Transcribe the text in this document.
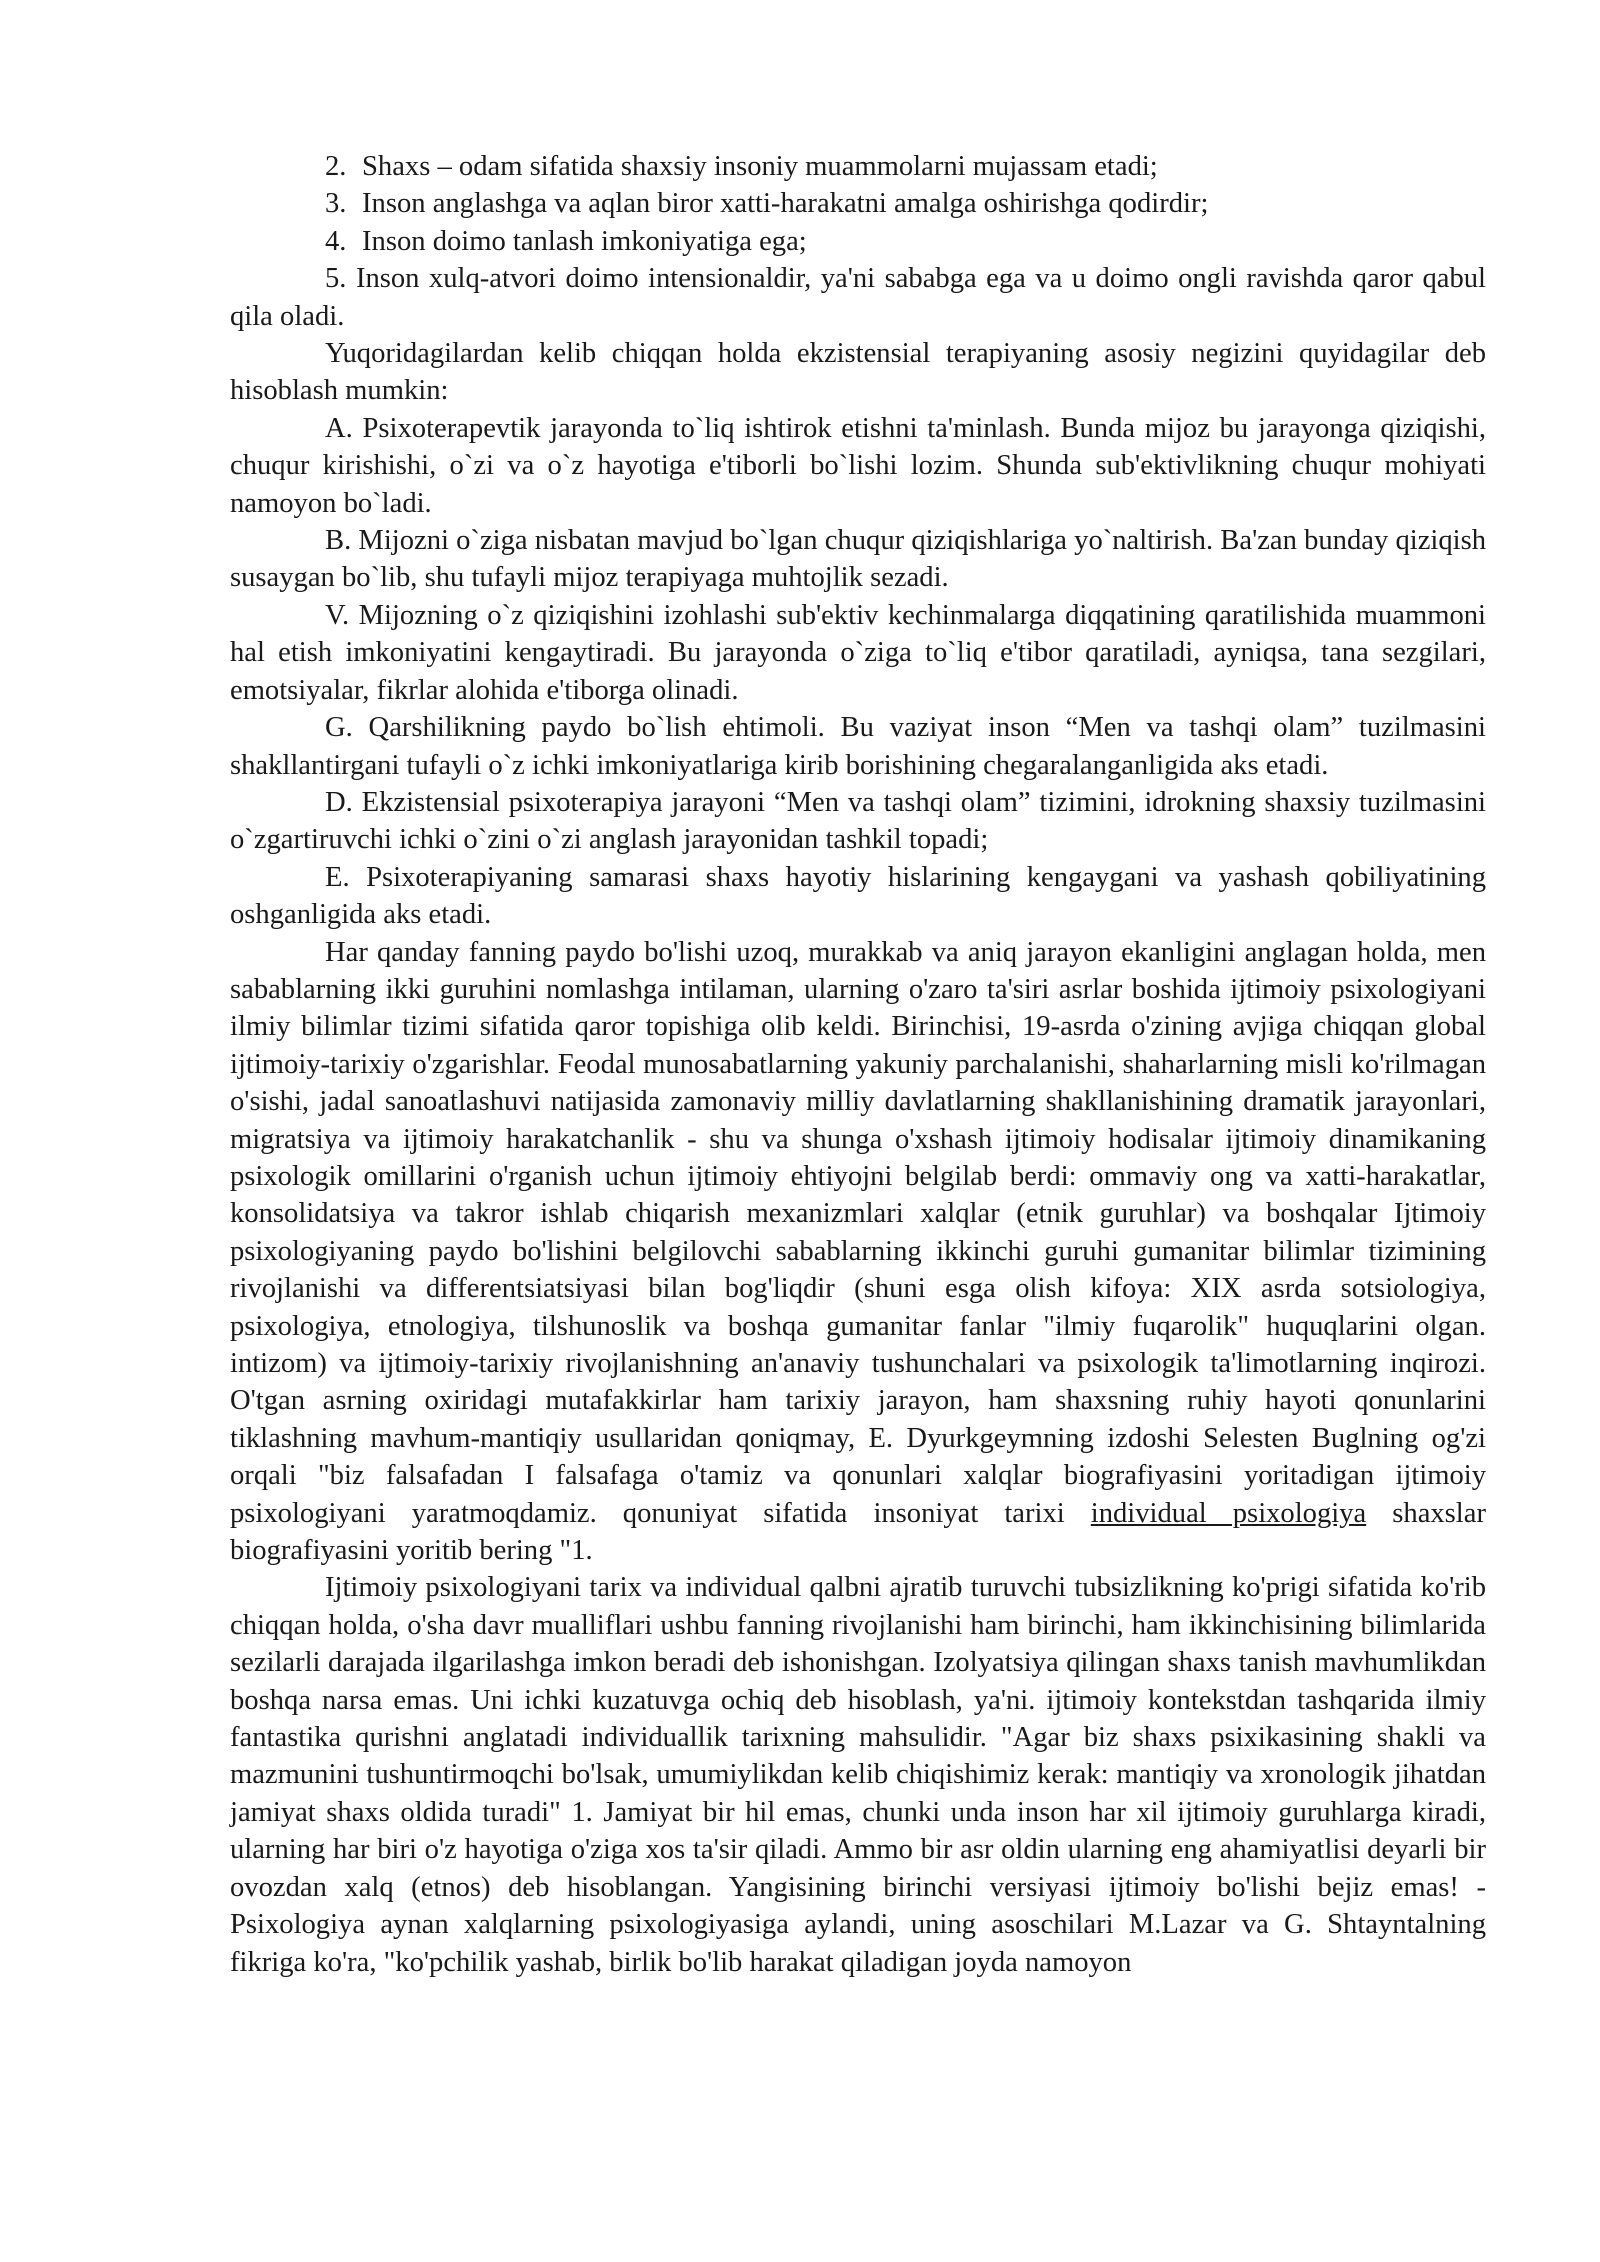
2. Shaxs – odam sifatida shaxsiy insoniy muammolarni mujassam etadi;
3. Inson anglashga va aqlan biror xatti-harakatni amalga oshirishga qodirdir;
4. Inson doimo tanlash imkoniyatiga ega;

5. Inson xulq-atvori doimo intensionaldir, ya'ni sababga ega va u doimo ongli ravishda qaror qabul qila oladi.

Yuqoridagilardan kelib chiqqan holda ekzistensial terapiyaning asosiy negizini quyidagilar deb hisoblash mumkin:

A. Psixoterapevtik jarayonda to`liq ishtirok etishni ta'minlash. Bunda mijoz bu jarayonga qiziqishi, chuqur kirishishi, o`zi va o`z hayotiga e'tiborli bo`lishi lozim. Shunda sub'ektivlikning chuqur mohiyati namoyon bo`ladi.

B. Mijozni o`ziga nisbatan mavjud bo`lgan chuqur qiziqishlariga yo`naltirish. Ba'zan bunday qiziqish susaygan bo`lib, shu tufayli mijoz terapiyaga muhtojlik sezadi.

V. Mijozning o`z qiziqishini izohlashi sub'ektiv kechinmalarga diqqatining qaratilishida muammoni hal etish imkoniyatini kengaytiradi. Bu jarayonda o`ziga to`liq e'tibor qaratiladi, ayniqsa, tana sezgilari, emotsiyalar, fikrlar alohida e'tiborga olinadi.

G. Qarshilikning paydo bo`lish ehtimoli. Bu vaziyat inson “Men va tashqi olam” tuzilmasini shakllantirgani tufayli o`z ichki imkoniyatlariga kirib borishining chegaralanganligida aks etadi.

D. Ekzistensial psixoterapiya jarayoni “Men va tashqi olam” tizimini, idrokning shaxsiy tuzilmasini o`zgartiruvchi ichki o`zini o`zi anglash jarayonidan tashkil topadi;

E. Psixoterapiyaning samarasi shaxs hayotiy hislarining kengaygani va yashash qobiliyatining oshganligida aks etadi.

Har qanday fanning paydo bo'lishi uzoq, murakkab va aniq jarayon ekanligini anglagan holda, men sabablarning ikki guruhini nomlashga intilaman, ularning o'zaro ta'siri asrlar boshida ijtimoiy psixologiyani ilmiy bilimlar tizimi sifatida qaror topishiga olib keldi. Birinchisi, 19-asrda o'zining avjiga chiqqan global ijtimoiy-tarixiy o'zgarishlar. Feodal munosabatlarning yakuniy parchalanishi, shaharlarning misli ko'rilmagan o'sishi, jadal sanoatlashuvi natijasida zamonaviy milliy davlatlarning shakllanishining dramatik jarayonlari, migratsiya va ijtimoiy harakatchanlik - shu va shunga o'xshash ijtimoiy hodisalar ijtimoiy dinamikaning psixologik omillarini o'rganish uchun ijtimoiy ehtiyojni belgilab berdi: ommaviy ong va xatti-harakatlar, konsolidatsiya va takror ishlab chiqarish mexanizmlari xalqlar (etnik guruhlar) va boshqalar Ijtimoiy psixologiyaning paydo bo'lishini belgilovchi sabablarning ikkinchi guruhi gumanitar bilimlar tizimining rivojlanishi va differentsiatsiyasi bilan bog'liqdir (shuni esga olish kifoya: XIX asrda sotsiologiya, psixologiya, etnologiya, tilshunoslik va boshqa gumanitar fanlar "ilmiy fuqarolik" huquqlarini olgan. intizom) va ijtimoiy-tarixiy rivojlanishning an'anaviy tushunchalari va psixologik ta'limotlarning inqirozi. O'tgan asrning oxiridagi mutafakkirlar ham tarixiy jarayon, ham shaxsning ruhiy hayoti qonunlarini tiklashning mavhum-mantiqiy usullaridan qoniqmay, E. Dyurkgeymning izdoshi Selesten Buglning og'zi orqali "biz falsafadan I falsafaga o'tamiz va qonunlari xalqlar biografiyasini yoritadigan ijtimoiy psixologiyani yaratmoqdamiz. qonuniyat sifatida insoniyat tarixi individual psixologiya shaxslar biografiyasini yoritib bering "1.

Ijtimoiy psixologiyani tarix va individual qalbni ajratib turuvchi tubsizlikning ko'prigi sifatida ko'rib chiqqan holda, o'sha davr mualliflari ushbu fanning rivojlanishi ham birinchi, ham ikkinchisining bilimlarida sezilarli darajada ilgarilashga imkon beradi deb ishonishgan. Izolyatsiya qilingan shaxs tanish mavhumlikdan boshqa narsa emas. Uni ichki kuzatuvga ochiq deb hisoblash, ya'ni. ijtimoiy kontekstdan tashqarida ilmiy fantastika qurishni anglatadi individuallik tarixning mahsulidir. "Agar biz shaxs psixikasining shakli va mazmunini tushuntirmoqchi bo'lsak, umumiylikdan kelib chiqishimiz kerak: mantiqiy va xronologik jihatdan jamiyat shaxs oldida turadi" 1. Jamiyat bir hil emas, chunki unda inson har xil ijtimoiy guruhlarga kiradi, ularning har biri o'z hayotiga o'ziga xos ta'sir qiladi. Ammo bir asr oldin ularning eng ahamiyatlisi deyarli bir ovozdan xalq (etnos) deb hisoblangan. Yangisining birinchi versiyasi ijtimoiy bo'lishi bejiz emas! - Psixologiya aynan xalqlarning psixologiyasiga aylandi, uning asoschilari M.Lazar va G. Shtayntalning fikriga ko'ra, "ko'pchilik yashab, birlik bo'lib harakat qiladigan joyda namoyon
